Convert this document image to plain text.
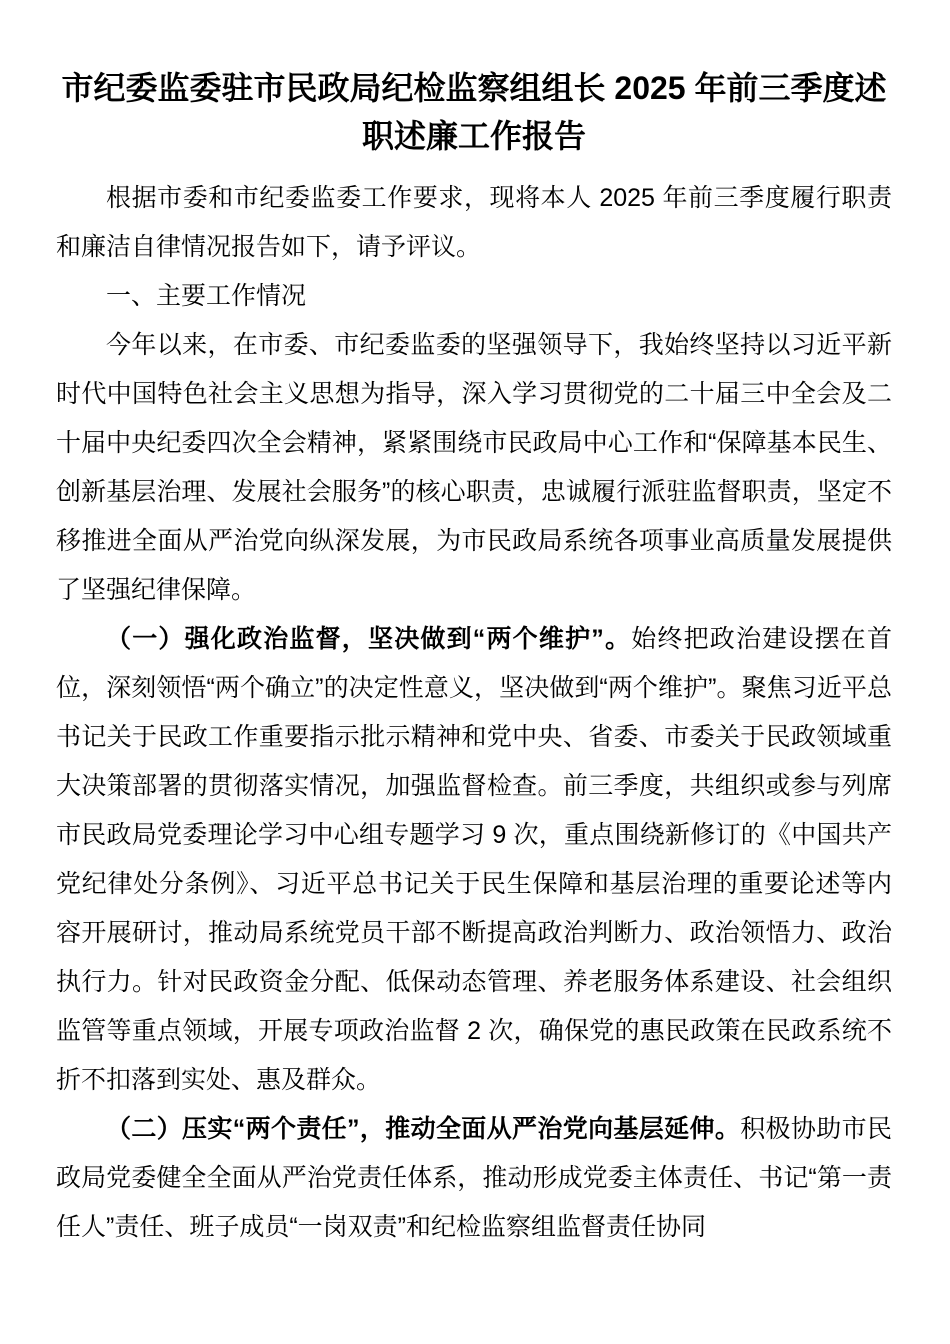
市纪委监委驻市民政局纪检监察组组长 2025 年前三季度述职述廉工作报告

根据市委和市纪委监委工作要求，现将本人 2025 年前三季度履行职责和廉洁自律情况报告如下，请予评议。

一、主要工作情况

今年以来，在市委、市纪委监委的坚强领导下，我始终坚持以习近平新时代中国特色社会主义思想为指导，深入学习贯彻党的二十届三中全会及二十届中央纪委四次全会精神，紧紧围绕市民政局中心工作和“保障基本民生、创新基层治理、发展社会服务”的核心职责，忠诚履行派驻监督职责，坚定不移推进全面从严治党向纵深发展，为市民政局系统各项事业高质量发展提供了坚强纪律保障。

（一）强化政治监督，坚决做到“两个维护”。始终把政治建设摆在首位，深刻领悟“两个确立”的决定性意义，坚决做到“两个维护”。聚焦习近平总书记关于民政工作重要指示批示精神和党中央、省委、市委关于民政领域重大决策部署的贯彻落实情况，加强监督检查。前三季度，共组织或参与列席市民政局党委理论学习中心组专题学习 9 次，重点围绕新修订的《中国共产党纪律处分条例》、习近平总书记关于民生保障和基层治理的重要论述等内容开展研讨，推动局系统党员干部不断提高政治判断力、政治领悟力、政治执行力。针对民政资金分配、低保动态管理、养老服务体系建设、社会组织监管等重点领域，开展专项政治监督 2 次，确保党的惠民政策在民政系统不折不扣落到实处、惠及群众。

（二）压实“两个责任”，推动全面从严治党向基层延伸。积极协助市民政局党委健全全面从严治党责任体系，推动形成党委主体责任、书记“第一责任人”责任、班子成员“一岗双责”和纪检监察组监督责任协同
